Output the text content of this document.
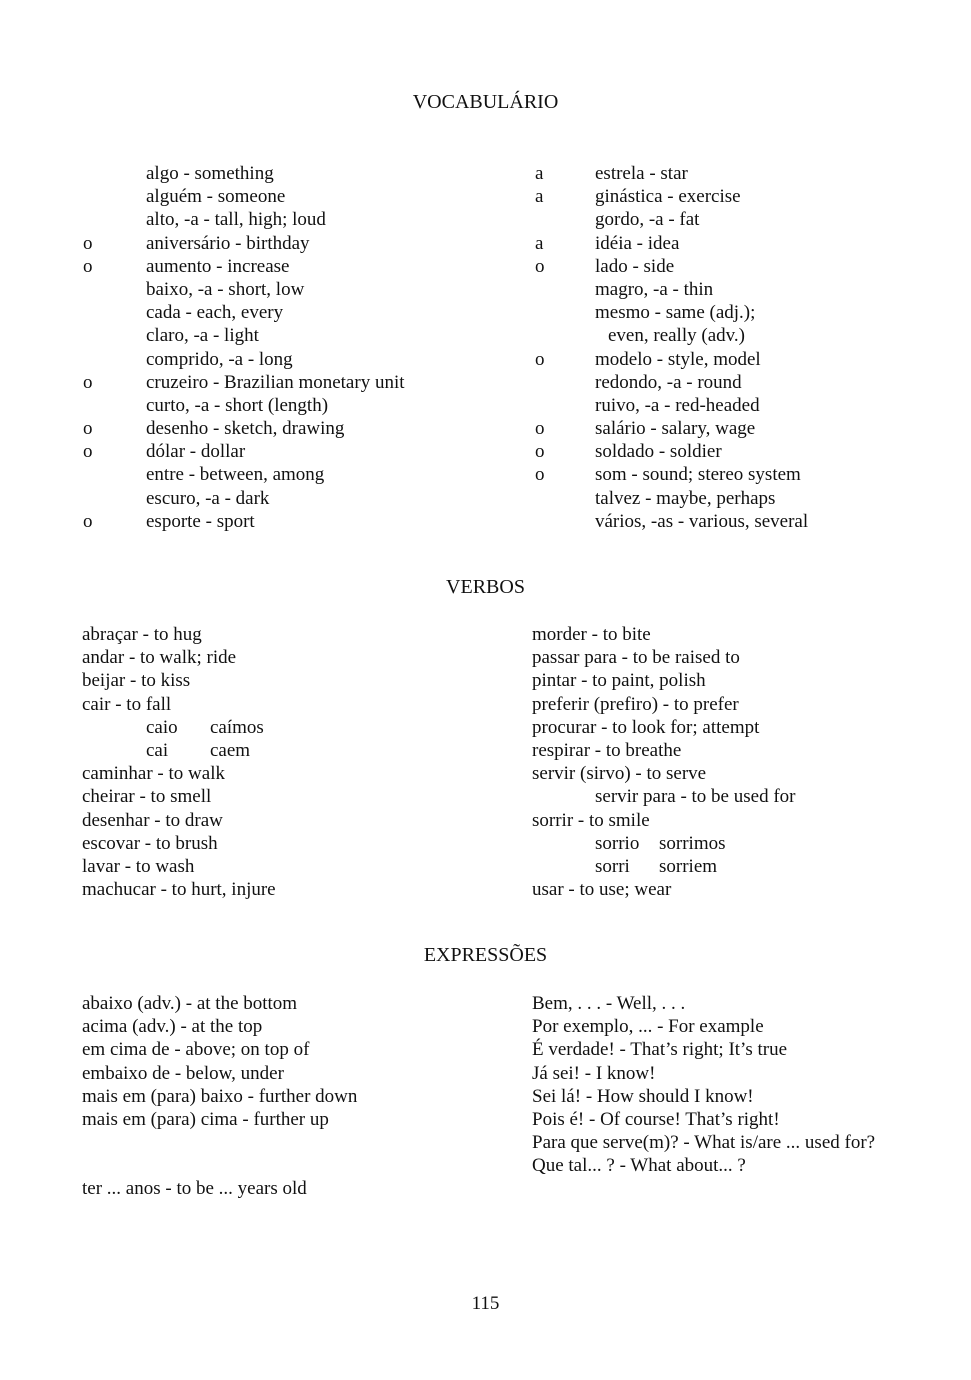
VOCABULÁRIO
algo - something
alguém - someone
alto, -a - tall, high; loud
o	aniversário - birthday
o	aumento - increase
baixo, -a - short, low
cada - each, every
claro, -a - light
comprido, -a - long
o	cruzeiro - Brazilian monetary unit
curto, -a - short (length)
o	desenho - sketch, drawing
o	dólar - dollar
entre - between, among
escuro, -a - dark
o	esporte - sport
a	estrela - star
a	ginástica - exercise
gordo, -a - fat
a	idéia - idea
o	lado - side
magro, -a - thin
mesmo - same (adj.);
even, really (adv.)
o	modelo - style, model
redondo, -a - round
ruivo, -a - red-headed
o	salário - salary, wage
o	soldado - soldier
o	som - sound; stereo system
talvez - maybe, perhaps
vários, -as - various, several
VERBOS
abraçar - to hug
andar - to walk; ride
beijar - to kiss
cair - to fall
caio caímos
cai caem
caminhar - to walk
cheirar - to smell
desenhar - to draw
escovar - to brush
lavar - to wash
machucar - to hurt, injure
morder - to bite
passar para - to be raised to
pintar - to paint, polish
preferir (prefiro) - to prefer
procurar - to look for; attempt
respirar - to breathe
servir (sirvo) - to serve
servir para - to be used for
sorrir - to smile
sorrio sorrimos
sorri sorriem
usar - to use; wear
EXPRESSÕES
abaixo (adv.) - at the bottom
acima (adv.) - at the top
em cima de - above; on top of
embaixo de - below, under
mais em (para) baixo - further down
mais em (para) cima - further up
ter ... anos - to be ... years old
Bem, . . . - Well, . . .
Por exemplo, ... - For example
É verdade! - That’s right; It’s true
Já sei! - I know!
Sei lá! - How should I know!
Pois é! - Of course! That’s right!
Para que serve(m)? - What is/are ... used for?
Que tal... ? - What about... ?
115
